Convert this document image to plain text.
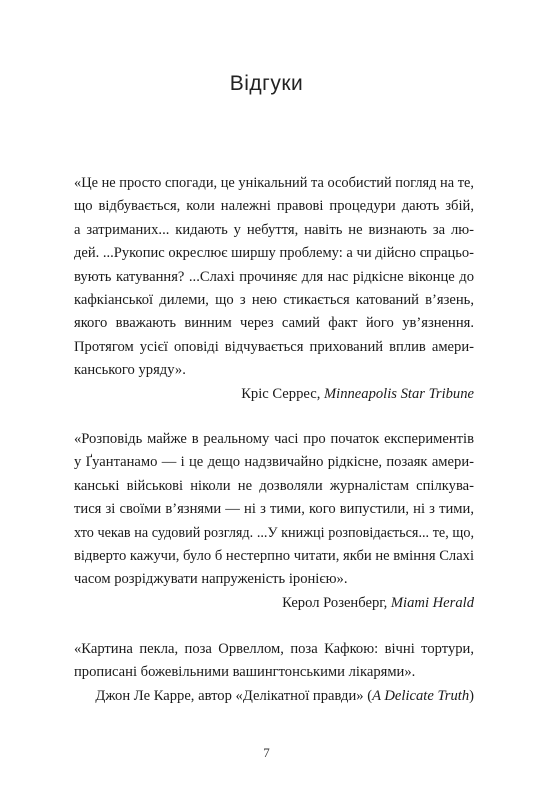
Відгуки
«Це не просто спогади, це унікальний та особистий погляд на те,
що відбувається, коли належні правові процедури дають збій,
а затриманих... кидають у небуття, навіть не визнають за лю-
дей. ...Рукопис окреслює ширшу проблему: а чи дійсно спрацьо-
вують катування? ...Слахі прочиняє для нас рідкісне віконце до
кафкіанської дилеми, що з нею стикається катований в’язень,
якого вважають винним через самий факт його ув’язнення.
Протягом усієї оповіді відчувається прихований вплив амери-
канського уряду».
Кріс Серрес, Minneapolis Star Tribune
«Розповідь майже в реальному часі про початок експериментів
у Ґуантанамо — і це дещо надзвичайно рідкісне, позаяк амери-
канські військові ніколи не дозволяли журналістам спілкува-
тися зі своїми в’язнями — ні з тими, кого випустили, ні з тими,
хто чекав на судовий розгляд. ...У книжці розповідається... те, що,
відверто кажучи, було б нестерпно читати, якби не вміння Слахі
часом розріджувати напруженість іронією».
Керол Розенберг, Miami Herald
«Картина пекла, поза Орвеллом, поза Кафкою: вічні тортури,
прописані божевільними вашингтонськими лікарями».
Джон Ле Карре, автор «Делікатної правди» (A Delicate Truth)
7
